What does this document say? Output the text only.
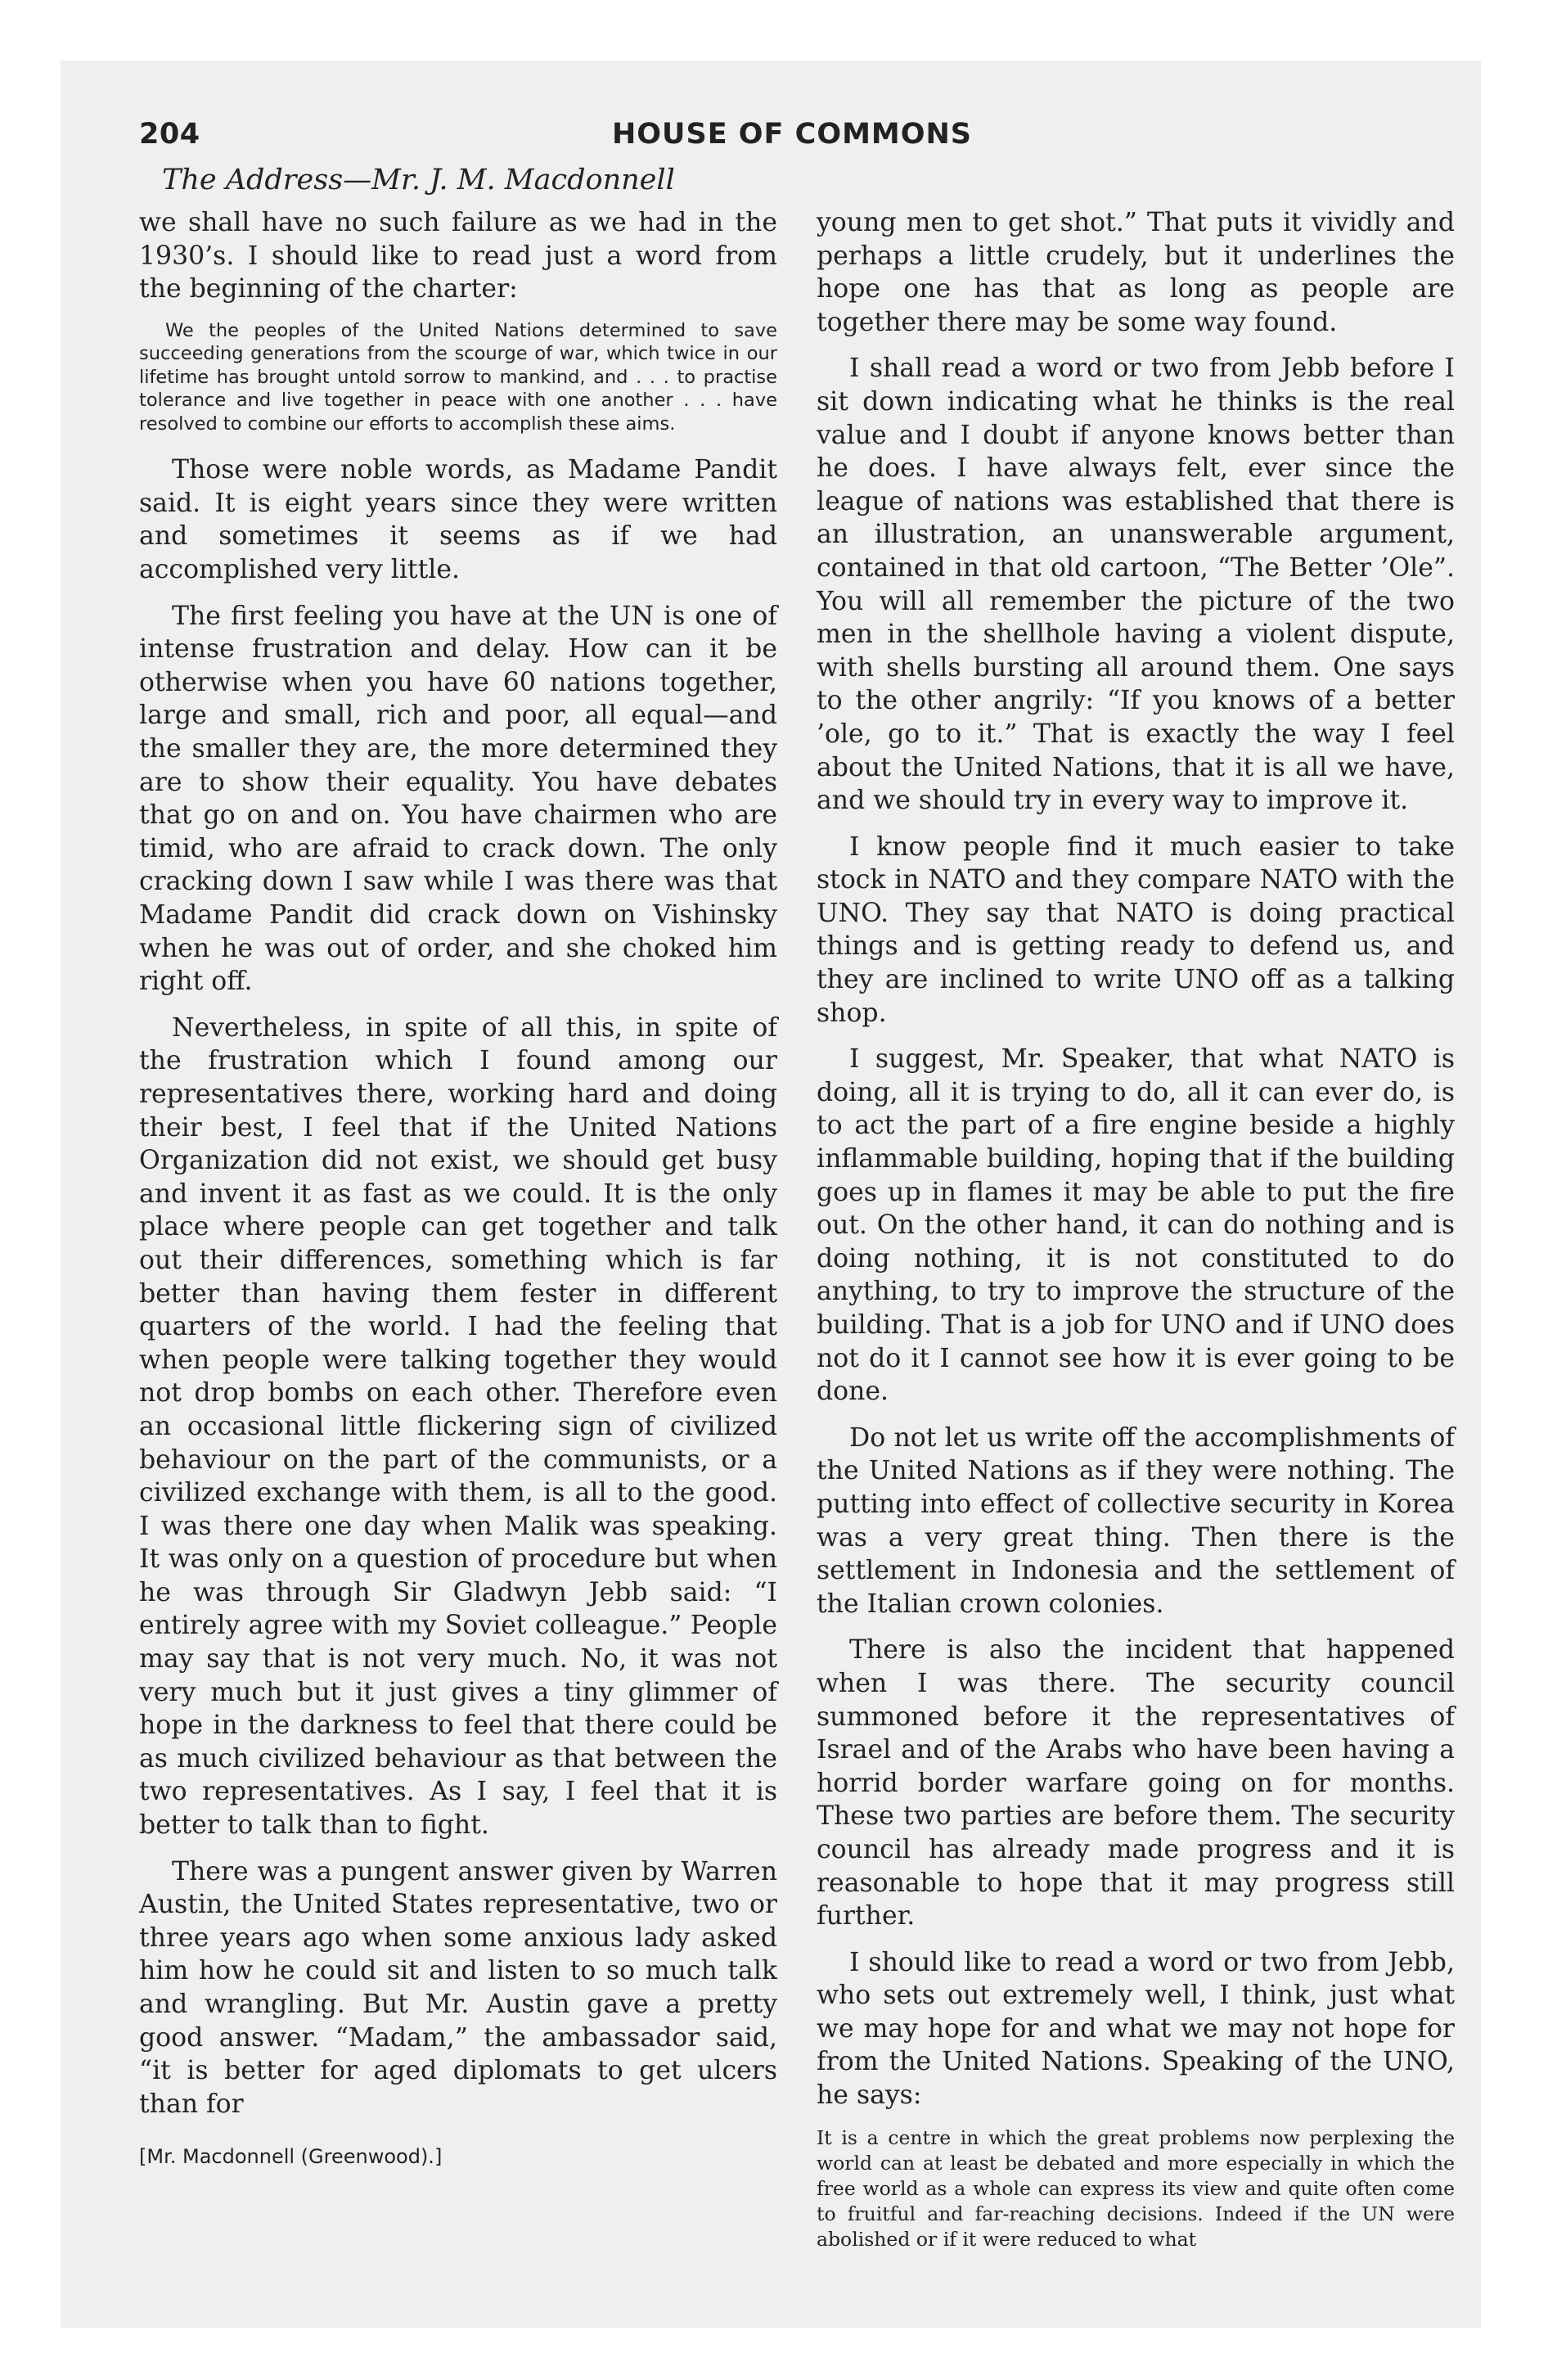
HOUSE OF COMMONS
204
The Address—Mr. J. M. Macdonnell

we shall have no such failure as we had in the 1930’s. I should like to read just a word from the beginning of the charter:

We the peoples of the United Nations determined to save succeeding generations from the scourge of war, which twice in our lifetime has brought untold sorrow to mankind, and . . . to practise tolerance and live together in peace with one another . . . have resolved to combine our efforts to accomplish these aims.

Those were noble words, as Madame Pandit said. It is eight years since they were written and sometimes it seems as if we had accomplished very little.

The first feeling you have at the UN is one of intense frustration and delay. How can it be otherwise when you have 60 nations together, large and small, rich and poor, all equal—and the smaller they are, the more determined they are to show their equality. You have debates that go on and on. You have chairmen who are timid, who are afraid to crack down. The only cracking down I saw while I was there was that Madame Pandit did crack down on Vishinsky when he was out of order, and she choked him right off.

Nevertheless, in spite of all this, in spite of the frustration which I found among our representatives there, working hard and doing their best, I feel that if the United Nations Organization did not exist, we should get busy and invent it as fast as we could. It is the only place where people can get together and talk out their differences, something which is far better than having them fester in different quarters of the world. I had the feeling that when people were talking together they would not drop bombs on each other. Therefore even an occasional little flickering sign of civilized behaviour on the part of the communists, or a civilized exchange with them, is all to the good. I was there one day when Malik was speaking. It was only on a question of procedure but when he was through Sir Gladwyn Jebb said: “I entirely agree with my Soviet colleague.” People may say that is not very much. No, it was not very much but it just gives a tiny glimmer of hope in the darkness to feel that there could be as much civilized behaviour as that between the two representatives. As I say, I feel that it is better to talk than to fight.

There was a pungent answer given by Warren Austin, the United States representative, two or three years ago when some anxious lady asked him how he could sit and listen to so much talk and wrangling. But Mr. Austin gave a pretty good answer. “Madam,” the ambassador said, “it is better for aged diplomats to get ulcers than for

[Mr. Macdonnell (Greenwood).]

young men to get shot.” That puts it vividly and perhaps a little crudely, but it underlines the hope one has that as long as people are together there may be some way found.

I shall read a word or two from Jebb before I sit down indicating what he thinks is the real value and I doubt if anyone knows better than he does. I have always felt, ever since the league of nations was established that there is an illustration, an unanswerable argument, contained in that old cartoon, “The Better ’Ole”. You will all remember the picture of the two men in the shellhole having a violent dispute, with shells bursting all around them. One says to the other angrily: “If you knows of a better ’ole, go to it.” That is exactly the way I feel about the United Nations, that it is all we have, and we should try in every way to improve it.

I know people find it much easier to take stock in NATO and they compare NATO with the UNO. They say that NATO is doing practical things and is getting ready to defend us, and they are inclined to write UNO off as a talking shop.

I suggest, Mr. Speaker, that what NATO is doing, all it is trying to do, all it can ever do, is to act the part of a fire engine beside a highly inflammable building, hoping that if the building goes up in flames it may be able to put the fire out. On the other hand, it can do nothing and is doing nothing, it is not constituted to do anything, to try to improve the structure of the building. That is a job for UNO and if UNO does not do it I cannot see how it is ever going to be done.

Do not let us write off the accomplishments of the United Nations as if they were nothing. The putting into effect of collective security in Korea was a very great thing. Then there is the settlement in Indonesia and the settlement of the Italian crown colonies.

There is also the incident that happened when I was there. The security council summoned before it the representatives of Israel and of the Arabs who have been having a horrid border warfare going on for months. These two parties are before them. The security council has already made progress and it is reasonable to hope that it may progress still further.

I should like to read a word or two from Jebb, who sets out extremely well, I think, just what we may hope for and what we may not hope for from the United Nations. Speaking of the UNO, he says:

It is a centre in which the great problems now perplexing the world can at least be debated and more especially in which the free world as a whole can express its view and quite often come to fruitful and far-reaching decisions. Indeed if the UN were abolished or if it were reduced to what
